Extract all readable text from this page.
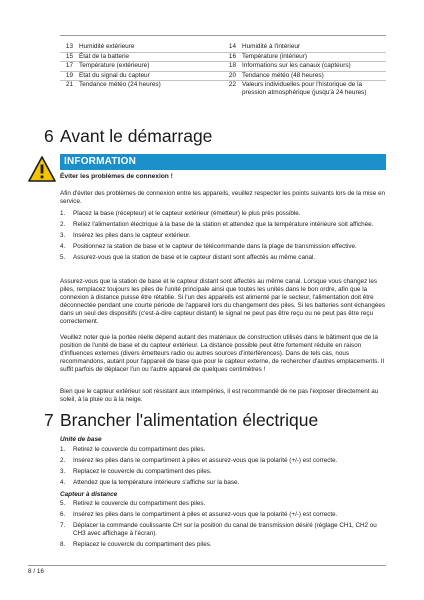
13	Humidité extérieure	14	Humidité à l'intérieur
15	État de la batterie	16	Température (intérieur)
17	Température (extérieure)	18	Informations sur les canaux (capteurs)
19	Etat du signal du capteur	20	Tendance météo (48 heures)
21	Tendance météo (24 heures)	22	Valeurs individuelles pour l'historique de la pression atmosphérique (jusqu'à 24 heures)
6 Avant le démarrage
INFORMATION
Éviter les problèmes de connexion !

Afin d'éviter des problèmes de connexion entre les appareils, veuillez respecter les points suivants lors de la mise en service.

1. Placez la base (récepteur) et le capteur extérieur (émetteur) le plus près possible.
2. Reliez l'alimentation électrique à la base de la station et attendez que la température intérieure soit affichée.
3. Insérez les piles dans le capteur extérieur.
4. Positionnez la station de base et le capteur de télécommande dans la plage de transmission effective.
5. Assurez-vous que la station de base et le capteur distant sont affectés au même canal.

Assurez-vous que la station de base et le capteur distant sont affectés au même canal. Lorsque vous changez les piles, remplacez toujours les piles de l'unité principale ainsi que toutes les unités dans le bon ordre, afin que la connexion à distance puisse être rétablie. Si l'un des appareils est alimenté par le secteur, l'alimentation doit être déconnectée pendant une courte période de l'appareil lors du changement des piles. Si les batteries sont échangées dans un seul des dispositifs (c'est-à-dire capteur distant) le signal ne peut pas être reçu ou ne peut pas être reçu correctement.

Veuillez noter que la portée réelle dépend autant des matériaux de construction utilisés dans le bâtiment que de la position de l'unité de base et du capteur extérieur. La distance possible peut être fortement réduite en raison d'influences externes (divers émetteurs radio ou autres sources d'interférences). Dans de tels cas, nous recommandons, autant pour l'appareil de base que pour le capteur externe, de rechercher d'autres emplacements. Il suffit parfois de déplacer l'un ou l'autre appareil de quelques centimètres !

Bien que le capteur extérieur soit résistant aux intempéries, il est recommandé de ne pas l'exposer directement au soleil, à la pluie ou à la neige.

7 Brancher l'alimentation électrique
Unité de base
1. Retirez le couvercle du compartiment des piles.
2. Insérez les piles dans le compartiment à piles et assurez-vous que la polarité (+/-) est correcte.
3. Replacez le couvercle du compartiment des piles.
4. Attendez que la température intérieure s'affiche sur la base.
Capteur à distance
5. Retirez le couvercle du compartiment des piles.
6. Insérez les piles dans le compartiment à piles et assurez-vous que la polarité (+/-) est correcte.
7. Déplacer la commande coulissante CH sur la position du canal de transmission désiré (réglage CH1, CH2 ou CH3 avec affichage à l'écran).
8. Replacez le couvercle du compartiment des piles.
8 / 16
